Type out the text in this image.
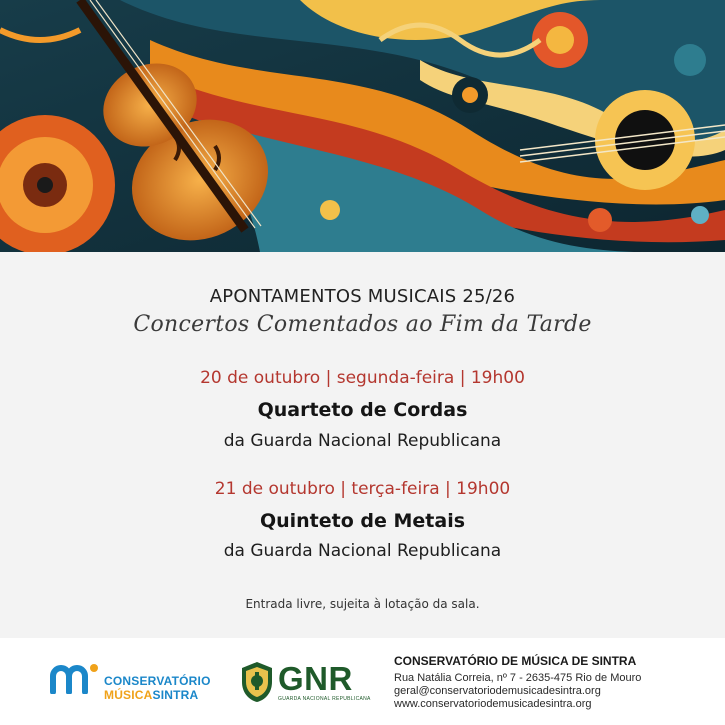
APONTAMENTOS MUSICAIS 25/26
Concertos Comentados ao Fim da Tarde
20 de outubro | segunda-feira | 19h00
Quarteto de Cordas
da Guarda Nacional Republicana
21 de outubro | terça-feira | 19h00
Quinteto de Metais
da Guarda Nacional Republicana
Entrada livre, sujeita à lotação da sala.
CONSERVATÓRIO
MÚSICASINTRA GNR
GUARDA NACIONAL REPUBLICANA
CONSERVATÓRIO DE MÚSICA DE SINTRA
Rua Natália Correia, nº 7 - 2635-475 Rio de Mouro
geral@conservatoriodemusicadesintra.org
www.conservatoriodemusicadesintra.org
